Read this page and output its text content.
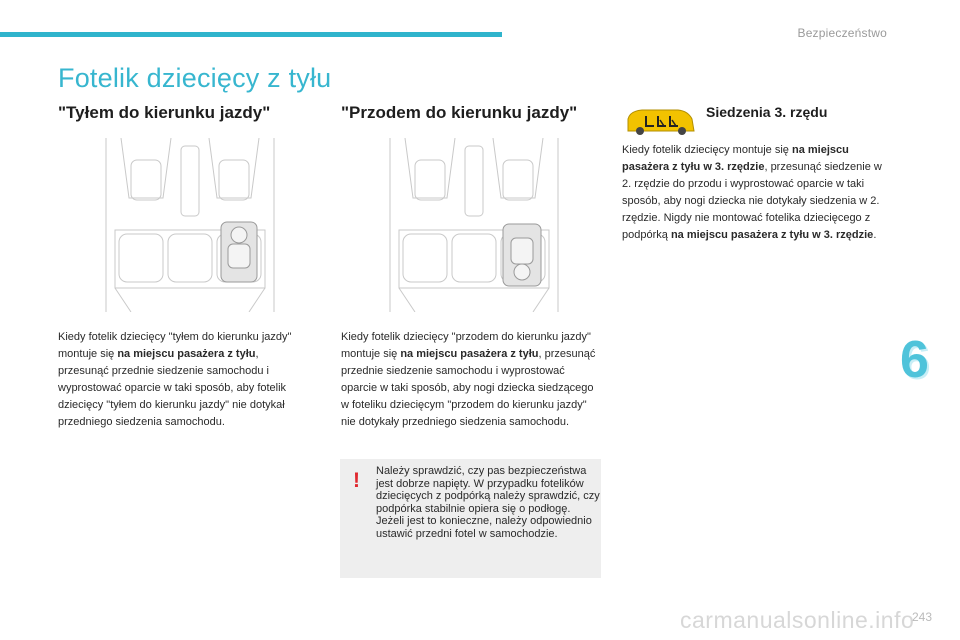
Bezpieczeństwo
Fotelik dziecięcy z tyłu
"Tyłem do kierunku jazdy"	"Przodem do kierunku jazdy"	Siedzenia 3. rzędu
Kiedy fotelik dziecięcy "tyłem do kierunku jazdy" montuje się na miejscu pasażera z tyłu, przesunąć przednie siedzenie samochodu i wyprostować oparcie w taki sposób, aby fotelik dziecięcy "tyłem do kierunku jazdy" nie dotykał przedniego siedzenia samochodu.
Kiedy fotelik dziecięcy "przodem do kierunku jazdy" montuje się na miejscu pasażera z tyłu, przesunąć przednie siedzenie samochodu i wyprostować oparcie w taki sposób, aby nogi dziecka siedzącego w foteliku dziecięcym "przodem do kierunku jazdy" nie dotykały przedniego siedzenia samochodu.
Kiedy fotelik dziecięcy montuje się na miejscu pasażera z tyłu w 3. rzędzie, przesunąć siedzenie w 2. rzędzie do przodu i wyprostować oparcie w taki sposób, aby nogi dziecka nie dotykały siedzenia w 2. rzędzie. Nigdy nie montować fotelika dziecięcego z podpórką na miejscu pasażera z tyłu w 3. rzędzie.
! Należy sprawdzić, czy pas bezpieczeństwa jest dobrze napięty. W przypadku fotelików dziecięcych z podpórką należy sprawdzić, czy podpórka stabilnie opiera się o podłogę. Jeżeli jest to konieczne, należy odpowiednio ustawić przedni fotel w samochodzie.
6
carmanualsonline.info
243
